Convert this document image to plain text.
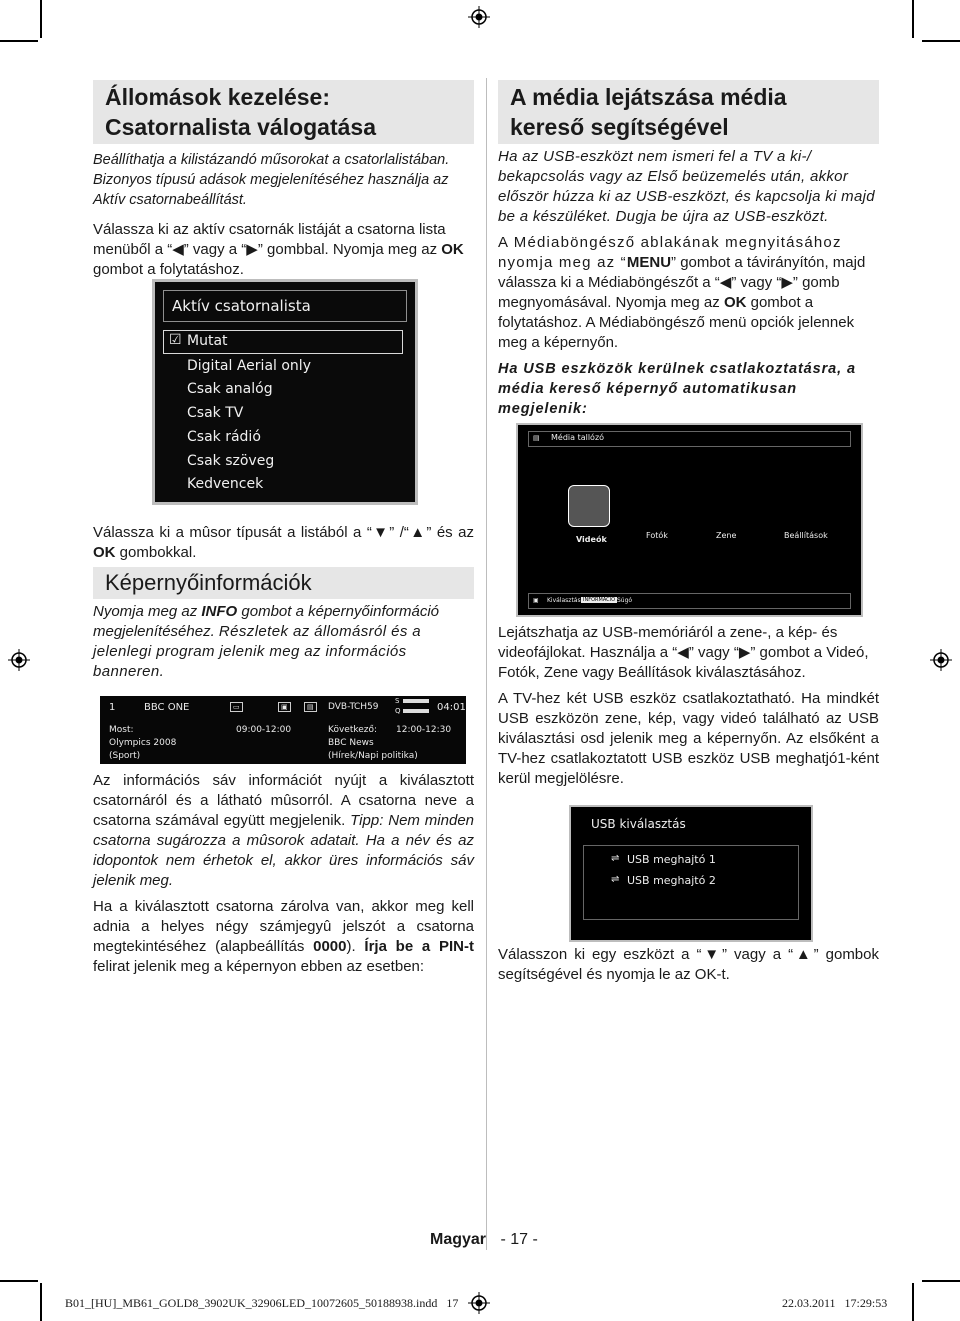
Állomások kezelése:
Csatornalista válogatása

Beállíthatja a kilistázandó műsorokat a csatorlalistában. Bizonyos típusú adások megjelenítéséhez használja az Aktív csatornabeállítást.

Válassza ki az aktív csatornák listáját a csatorna lista menüből a “◀” vagy a “▶” gombbal. Nyomja meg az OK gombot a folytatáshoz.

Aktív csatornalista
☑ Mutat
Digital Aerial only
Csak analóg
Csak TV
Csak rádió
Csak szöveg
Kedvencek

Válassza ki a mûsor típusát a listából a “▼” /“▲” és az OK gombokkal.

Képernyőinformációk

Nyomja meg az INFO gombot a képernyőinformáció megjelenítéséhez. Részletek az állomásról és a jelenlegi program jelenik meg az információs banneren.

1	BBC ONE	▭	▣	▤	DVB-T
CH59
S
Q	04:01
Most:	09:00-12:00
Olympics 2008
(Sport)
Következő: 12:00-12:30
BBC News
(Hírek/Napi politika)

Az információs sáv információt nyújt a kiválasztott csatornáról és a látható mûsorról. A csatorna neve a csatorna számával együtt megjelenik. Tipp: Nem minden csatorna sugározza a mûsorok adatait. Ha a név és az idopontok nem érhetok el, akkor üres információs sáv jelenik meg.

Ha a kiválasztott csatorna zárolva van, akkor meg kell adnia a helyes négy számjegyû jelszót a csatorna megtekintéséhez (alapbeállítás 0000). Írja be a PIN-t felirat jelenik meg a képernyon ebben az esetben:

A média lejátszása média
kereső segítségével

Ha az USB-eszközt nem ismeri fel a TV a ki-/ bekapcsolás vagy az Első beüzemelés után, akkor először húzza ki az USB-eszközt, és kapcsolja ki majd be a készüléket. Dugja be újra az USB-eszközt.

A Médiaböngésző ablakának megnyitásához nyomja meg az “MENU” gombot a távirányítón, majd válassza ki a Médiaböngészőt a “◀” vagy “▶” gomb megnyomásával. Nyomja meg az OK gombot a folytatáshoz. A Médiaböngésző menü opciók jelennek meg a képernyőn.

Ha USB eszközök kerülnek csatlakoztatásra, a média kereső képernyő automatikusan megjelenik:

▤ Média tallózó
Videók	Fotók	Zene	Beállítások
▣ Kiválasztás INFORMÁCIÓ Súgó

Lejátszhatja az USB-memóriáról a zene-, a kép- és videofájlokat. Használja a “◀” vagy “▶” gombot a Videó, Fotók, Zene vagy Beállítások kiválasztásához.

A TV-hez két USB eszköz csatlakoztatható. Ha mindkét USB eszközön zene, kép, vagy videó található az USB kiválasztási osd jelenik meg a képernyőn. Az elsőként a TV-hez csatlakoztatott USB eszköz USB meghatjó1-ként kerül megjelölésre.

USB kiválasztás
⇌ USB meghajtó 1
⇌ USB meghajtó 2

Válasszon ki egy eszközt a “▼” vagy a “▲” gombok segítségével és nyomja le az OK-t.

Magyar - 17 -
B01_[HU]_MB61_GOLD8_3902UK_32906LED_10072605_50188938.indd   17	22.03.2011   17:29:53
